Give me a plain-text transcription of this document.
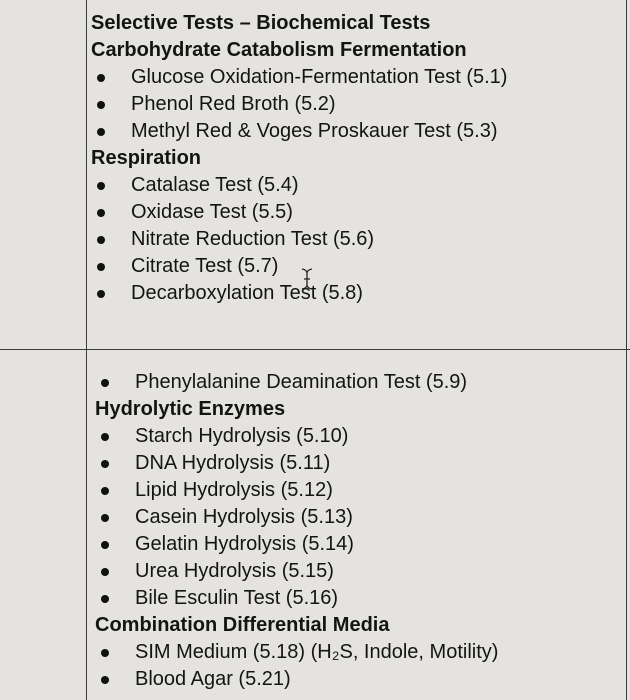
Selective Tests – Biochemical Tests

Carbohydrate Catabolism Fermentation

Glucose Oxidation-Fermentation Test (5.1)
Phenol Red Broth (5.2)
Methyl Red & Voges Proskauer Test (5.3)

Respiration

Catalase Test (5.4)
Oxidase Test (5.5)
Nitrate Reduction Test (5.6)
Citrate Test (5.7)
Decarboxylation Test (5.8)
Phenylalanine Deamination Test (5.9)

Hydrolytic Enzymes

Starch Hydrolysis (5.10)
DNA Hydrolysis (5.11)
Lipid Hydrolysis (5.12)
Casein Hydrolysis (5.13)
Gelatin Hydrolysis (5.14)
Urea Hydrolysis (5.15)
Bile Esculin Test (5.16)

Combination Differential Media

SIM Medium (5.18) (H₂S, Indole, Motility)
Blood Agar (5.21)
